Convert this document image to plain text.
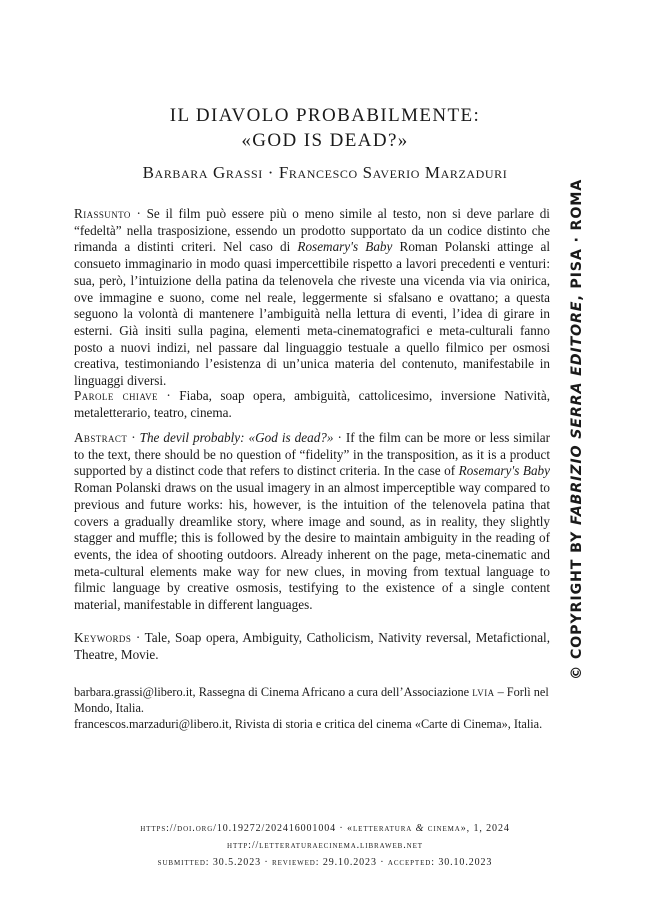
IL DIAVOLO PROBABILMENTE:
«GOD IS DEAD?»
Barbara Grassi · Francesco Saverio Marzaduri
Riassunto · Se il film può essere più o meno simile al testo, non si deve parlare di “fedeltà” nella trasposizione, essendo un prodotto supportato da un codice distinto che rimanda a distinti criteri. Nel caso di Rosemary's Baby Roman Polanski attinge al consueto immaginario in modo quasi impercettibile rispetto a lavori precedenti e venturi: sua, però, l’intuizione della patina da telenovela che riveste una vicenda via via onirica, ove immagine e suono, come nel reale, leggermente si sfalsano e ovattano; a questa seguono la volontà di mantenere l’ambiguità nella lettura di eventi, l’idea di girare in esterni. Già insiti sulla pagina, elementi meta-cinematografici e meta-culturali fanno posto a nuovi indizi, nel passare dal linguaggio testuale a quello filmico per osmosi creativa, testimoniando l’esistenza di un’unica materia del contenuto, manifestabile in linguaggi diversi.
Parole chiave · Fiaba, soap opera, ambiguità, cattolicesimo, inversione Natività, metaletterario, teatro, cinema.
Abstract · The devil probably: «God is dead?» · If the film can be more or less similar to the text, there should be no question of “fidelity” in the transposition, as it is a product supported by a distinct code that refers to distinct criteria. In the case of Rosemary's Baby Roman Polanski draws on the usual imagery in an almost imperceptible way compared to previous and future works: his, however, is the intuition of the telenovela patina that covers a gradually dreamlike story, where image and sound, as in reality, they slightly stagger and muffle; this is followed by the desire to maintain ambiguity in the reading of events, the idea of shooting outdoors. Already inherent on the page, meta-cinematic and meta-cultural elements make way for new clues, in moving from textual language to filmic language by creative osmosis, testifying to the existence of a single content material, manifestable in different languages.
Keywords · Tale, Soap opera, Ambiguity, Catholicism, Nativity reversal, Metafictional, Theatre, Movie.
barbara.grassi@libero.it, Rassegna di Cinema Africano a cura dell’Associazione lvia – Forlì nel Mondo, Italia.
francescos.marzaduri@libero.it, Rivista di storia e critica del cinema «Carte di Cinema», Italia.
https://doi.org/10.19272/202416001004 · «letteratura & cinema», 1, 2024
http://letteraturaecinema.libraweb.net
submitted: 30.5.2023 · reviewed: 29.10.2023 · accepted: 30.10.2023
© COPYRIGHT BY FABRIZIO SERRA EDITORE, PISA · ROMA
